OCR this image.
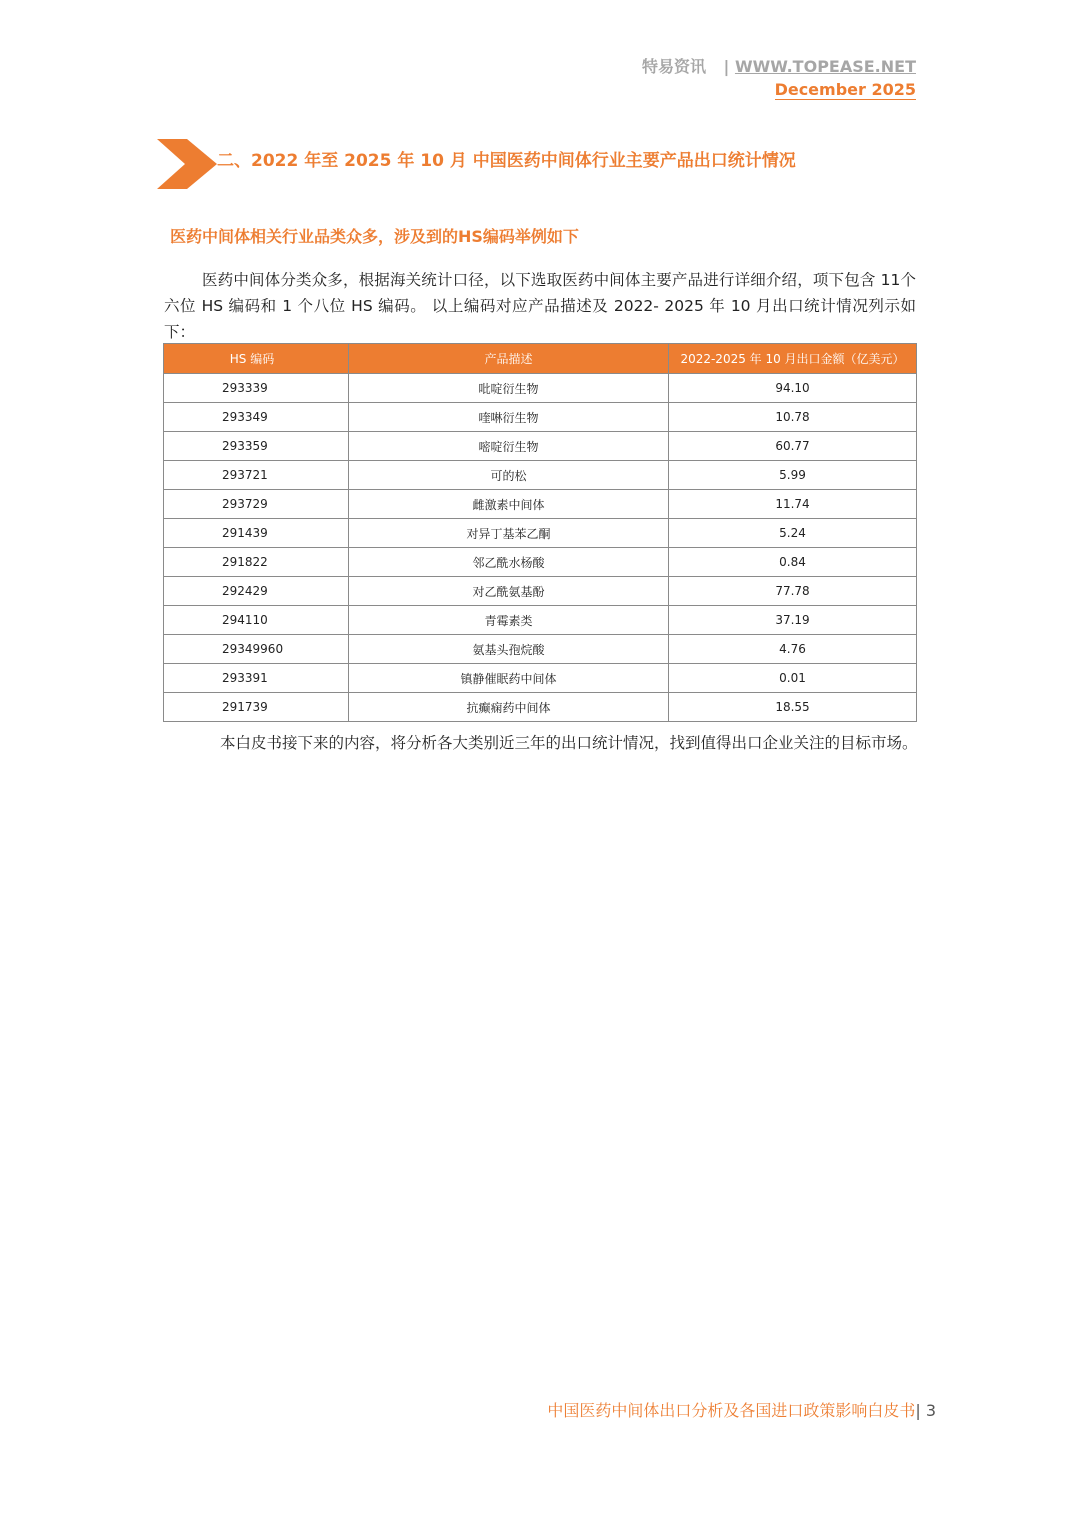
特易资讯 | WWW.TOPEASE.NET
December 2025
二、2022 年至 2025 年 10 月 中国医药中间体行业主要产品出口统计情况
医药中间体相关行业品类众多，涉及到的HS编码举例如下

医药中间体分类众多，根据海关统计口径，以下选取医药中间体主要产品进行详细介绍，项下包含 11个六位 HS 编码和 1 个八位 HS 编码。 以上编码对应产品描述及 2022- 2025 年 10 月出口统计情况列示如下：

HS 编码	产品描述	2022-2025 年 10 月出口金额（亿美元）
293339	吡啶衍生物	94.10
293349	喹啉衍生物	10.78
293359	嘧啶衍生物	60.77
293721	可的松	5.99
293729	雌激素中间体	11.74
291439	对异丁基苯乙酮	5.24
291822	邻乙酰水杨酸	0.84
292429	对乙酰氨基酚	77.78
294110	青霉素类	37.19
29349960	氨基头孢烷酸	4.76
293391	镇静催眠药中间体	0.01
291739	抗癫痫药中间体	18.55

本白皮书接下来的内容，将分析各大类别近三年的出口统计情况，找到值得出口企业关注的目标市场。

中国医药中间体出口分析及各国进口政策影响白皮书| 3
